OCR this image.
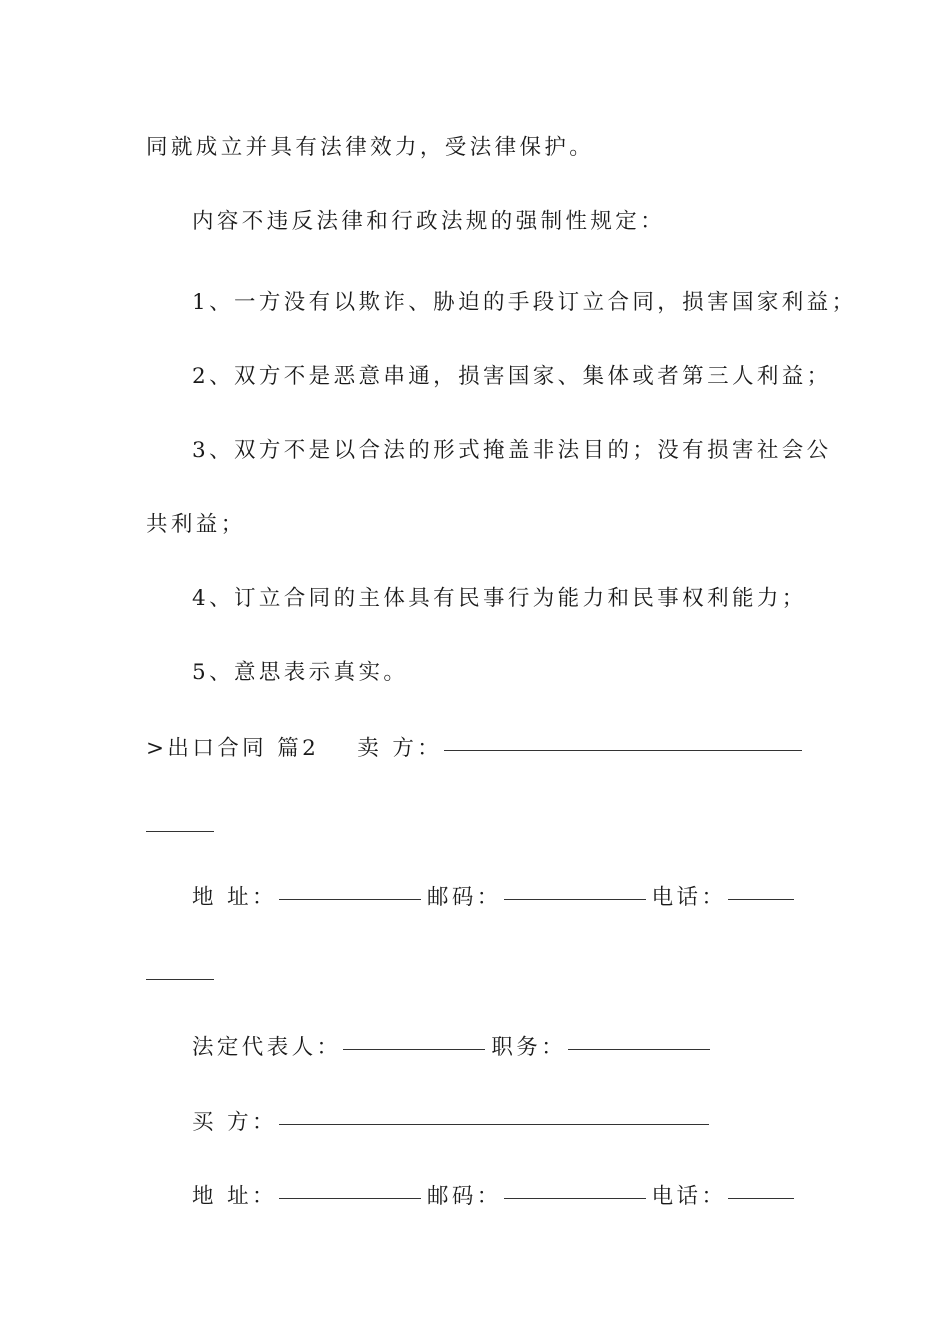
同就成立并具有法律效力，受法律保护。
内容不违反法律和行政法规的强制性规定：
1、一方没有以欺诈、胁迫的手段订立合同，损害国家利益；
2、双方不是恶意串通，损害国家、集体或者第三人利益；
3、双方不是以合法的形式掩盖非法目的；没有损害社会公
共利益；
4、订立合同的主体具有民事行为能力和民事权利能力；
5、意思表示真实。
>出口合同 篇2 卖 方：
地 址：	邮码：	电话：
法定代表人：	职务：
买 方：
地 址：	邮码：	电话：
